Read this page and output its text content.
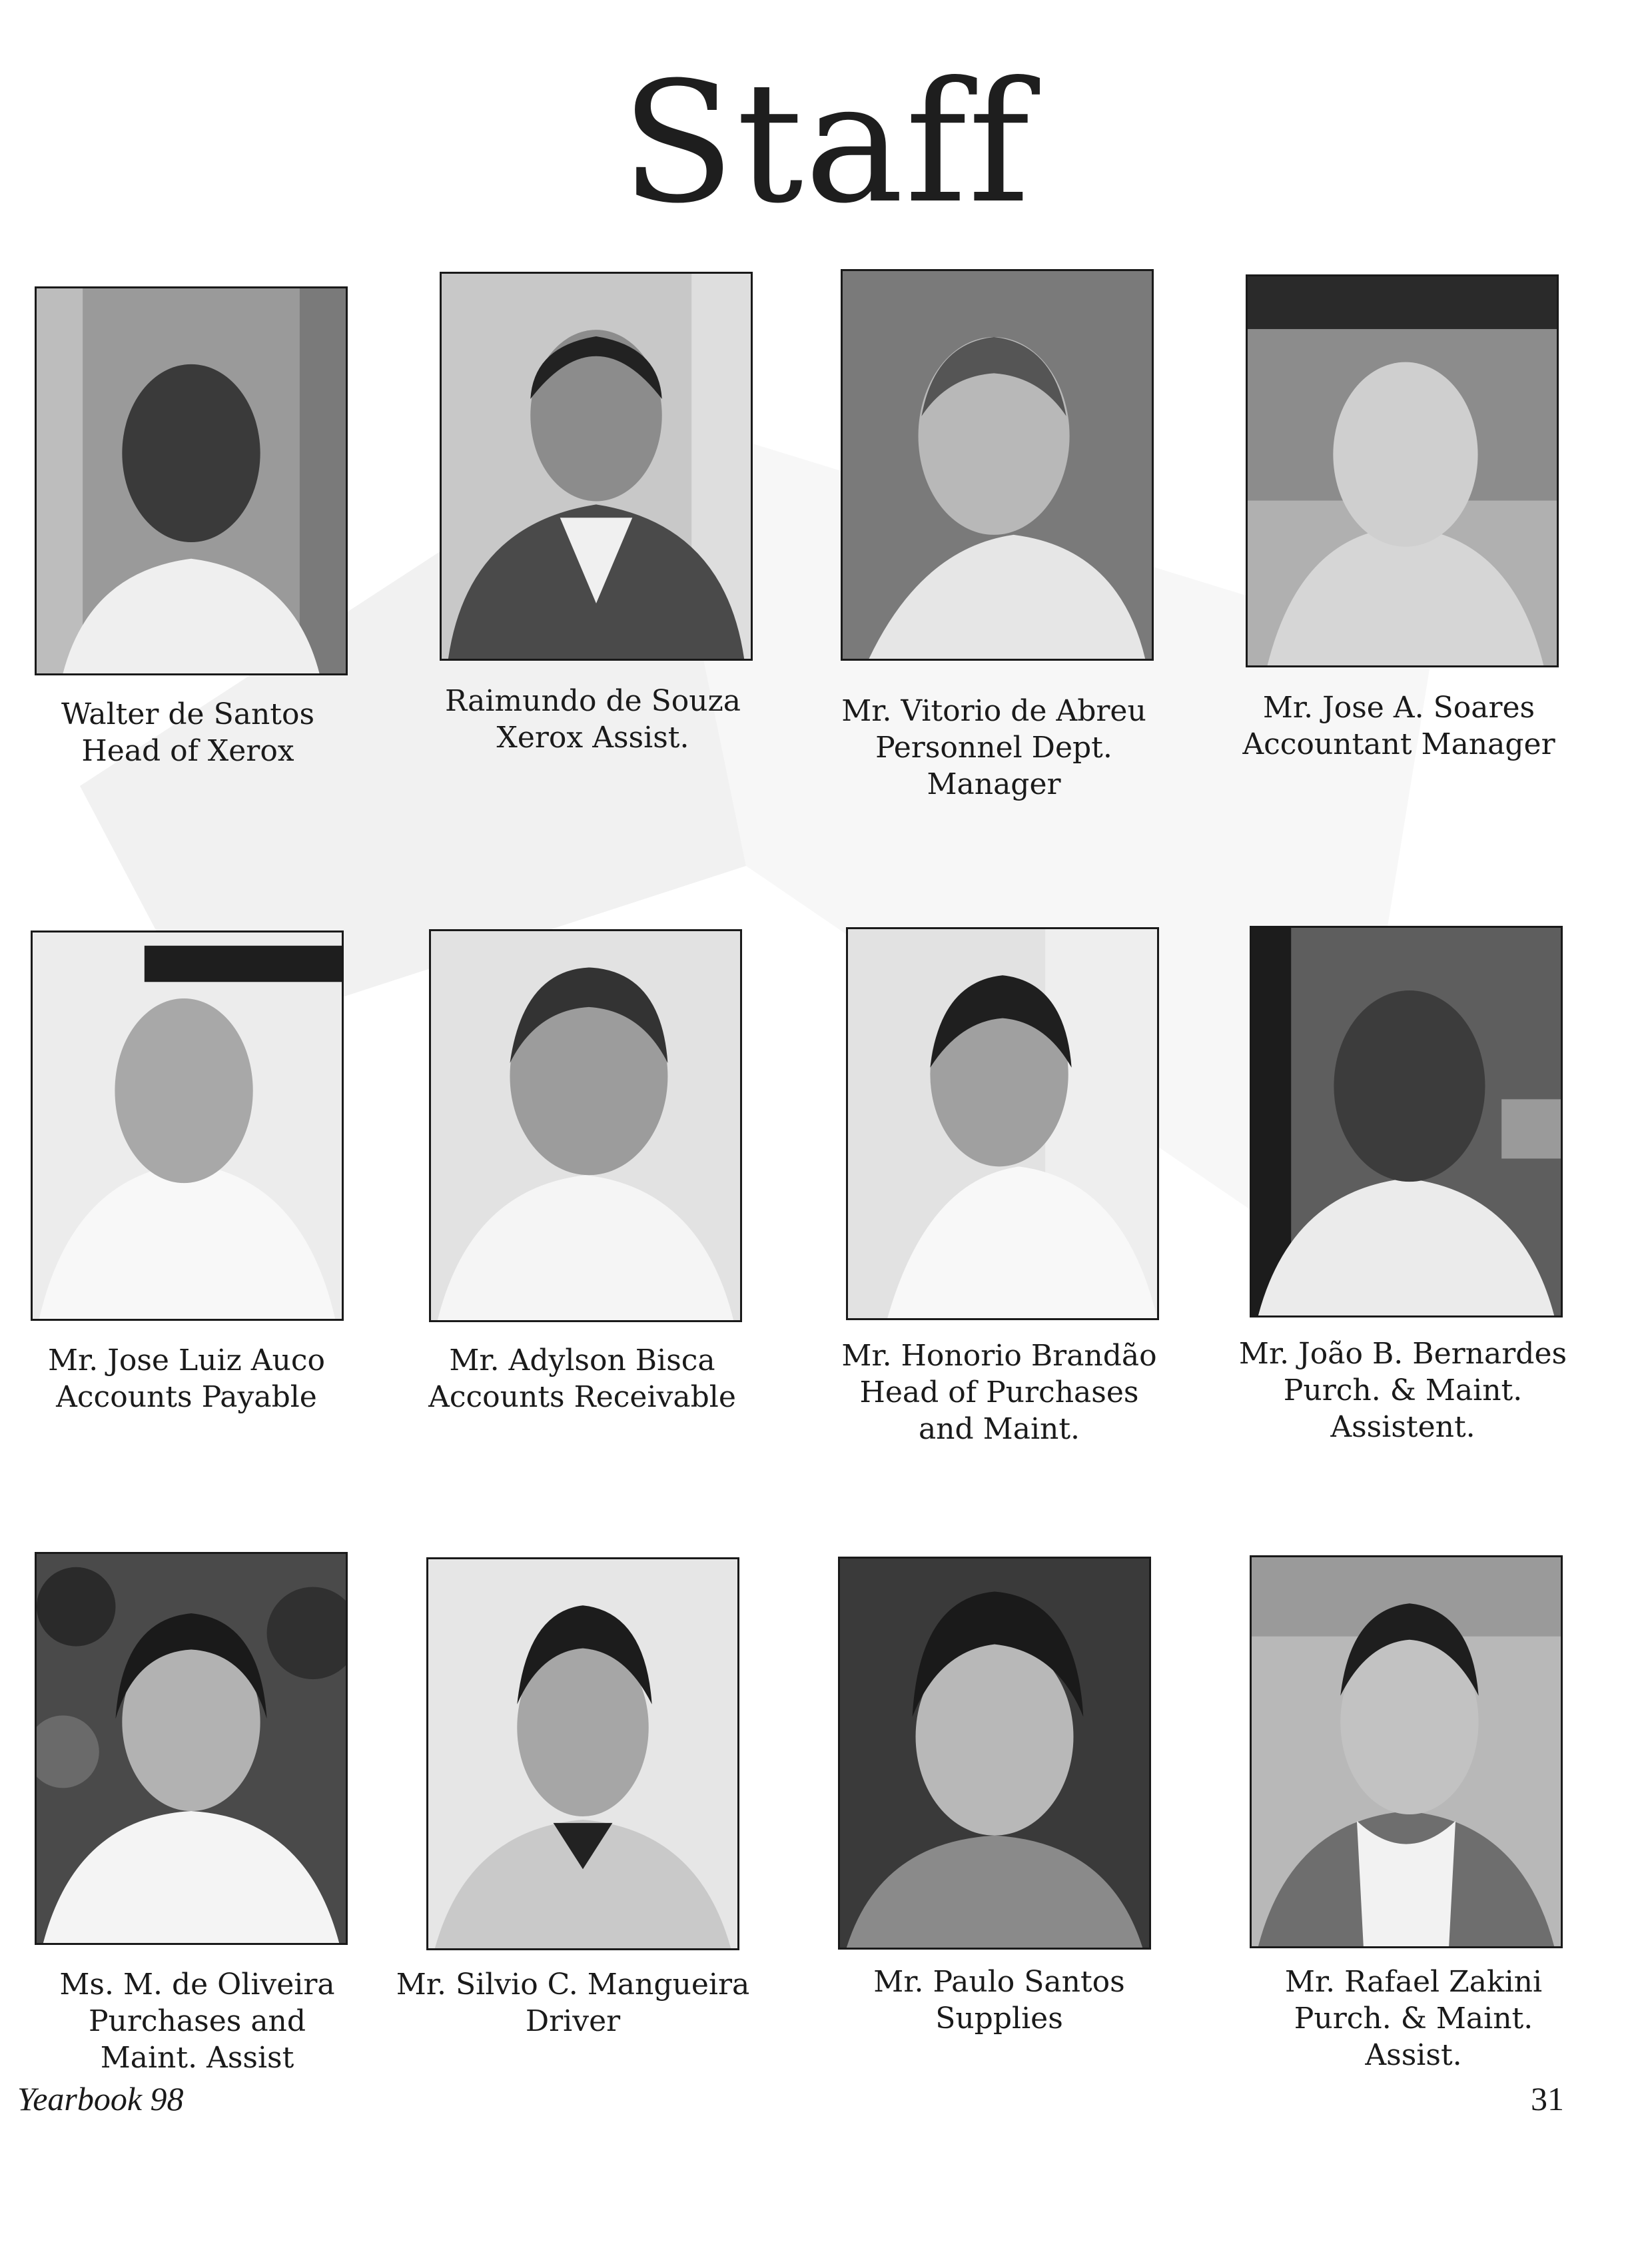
Staff
Walter de Santos
Head of Xerox
Raimundo de Souza
Xerox Assist.
Mr. Vitorio de Abreu
Personnel Dept.
Manager
Mr. Jose A. Soares
Accountant Manager
Mr. Jose Luiz Auco
Accounts Payable
Mr. Adylson Bisca
Accounts Receivable
Mr. Honorio Brandão
Head of Purchases
and Maint.
Mr. João B. Bernardes
Purch. & Maint.
Assistent.
Ms. M. de Oliveira
Purchases and
Maint. Assist
Mr. Silvio C. Mangueira
Driver
Mr. Paulo Santos
Supplies
Mr. Rafael Zakini
Purch. & Maint.
Assist.
Yearbook 98	31
